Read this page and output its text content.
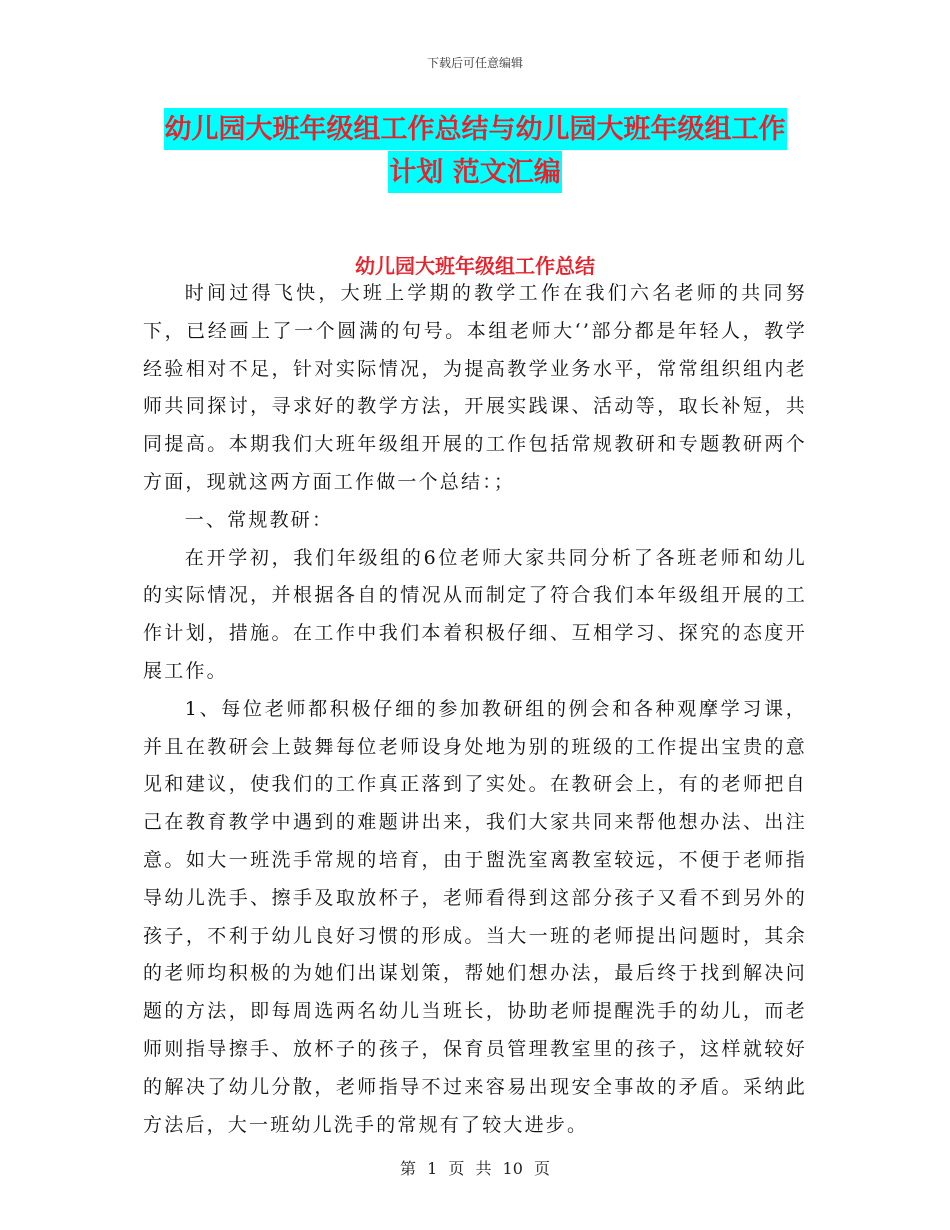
下载后可任意编辑
幼儿园大班年级组工作总结与幼儿园大班年级组工作
计划 范文汇编
幼儿园大班年级组工作总结

时间过得飞快，大班上学期的教学工作在我们六名老师的共同努下，已经画上了一个圆满的句号。本组老师大‘’部分都是年轻人，教学经验相对不足，针对实际情况，为提高教学业务水平，常常组织组内老师共同探讨，寻求好的教学方法，开展实践课、活动等，取长补短，共同提高。本期我们大班年级组开展的工作包括常规教研和专题教研两个方面，现就这两方面工作做一个总结：；

一、常规教研：

在开学初，我们年级组的6位老师大家共同分析了各班老师和幼儿的实际情况，并根据各自的情况从而制定了符合我们本年级组开展的工作计划，措施。在工作中我们本着积极仔细、互相学习、探究的态度开展工作。

1、每位老师都积极仔细的参加教研组的例会和各种观摩学习课，并且在教研会上鼓舞每位老师设身处地为别的班级的工作提出宝贵的意见和建议，使我们的工作真正落到了实处。在教研会上，有的老师把自己在教育教学中遇到的难题讲出来，我们大家共同来帮他想办法、出注意。如大一班洗手常规的培育，由于盥洗室离教室较远，不便于老师指导幼儿洗手、擦手及取放杯子，老师看得到这部分孩子又看不到另外的孩子，不利于幼儿良好习惯的形成。当大一班的老师提出问题时，其余的老师均积极的为她们出谋划策，帮她们想办法，最后终于找到解决问题的方法，即每周选两名幼儿当班长，协助老师提醒洗手的幼儿，而老师则指导擦手、放杯子的孩子，保育员管理教室里的孩子，这样就较好的解决了幼儿分散，老师指导不过来容易出现安全事故的矛盾。采纳此方法后，大一班幼儿洗手的常规有了较大进步。

第 1 页 共 10 页
